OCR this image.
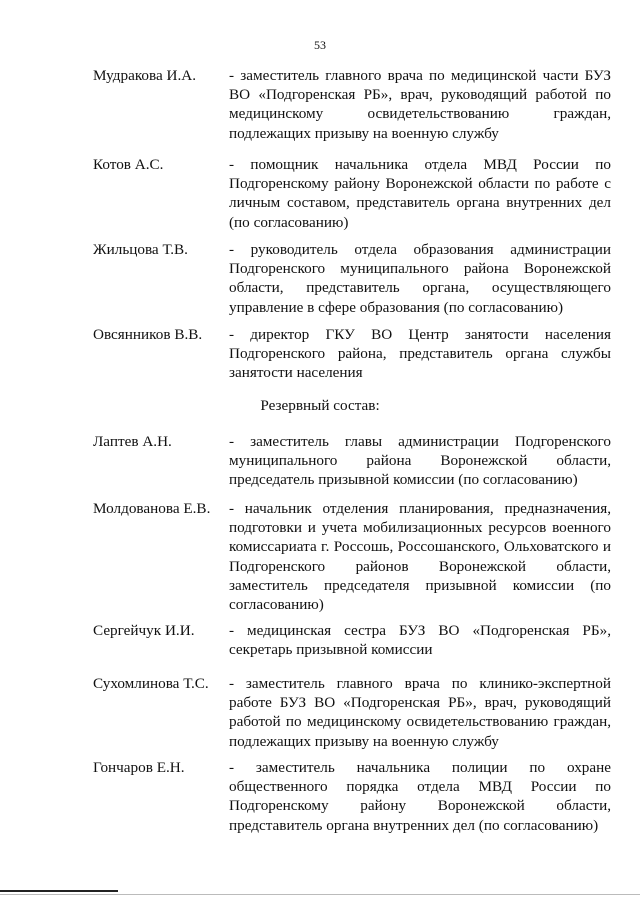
53
Мудракова И.А. - заместитель главного врача по медицинской части БУЗ ВО «Подгоренская РБ», врач, руководящий работой по медицинскому освидетельствованию граждан, подлежащих призыву на военную службу
Котов А.С.	- помощник начальника отдела МВД России по Подгоренскому району Воронежской области по работе с личным составом, представитель органа внутренних дел (по согласованию)
Жильцова Т.В.	- руководитель отдела образования администрации Подгоренского муниципального района Воронежской области, представитель органа, осуществляющего управление в сфере образования (по согласованию)
Овсянников В.В. - директор ГКУ ВО Центр занятости населения Подгоренского района, представитель органа службы занятости населения
Резервный состав:
Лаптев А.Н.	- заместитель главы администрации Подгоренского муниципального района Воронежской области, председатель призывной комиссии (по согласованию)
Молдованова Е.В. - начальник отделения планирования, предназначения, подготовки и учета мобилизационных ресурсов военного комиссариата г. Россошь, Россошанского, Ольховатского и Подгоренского районов Воронежской области, заместитель председателя призывной комиссии (по согласованию)
Сергейчук И.И. - медицинская сестра БУЗ ВО «Подгоренская РБ», секретарь призывной комиссии
Сухомлинова Т.С. - заместитель главного врача по клинико-экспертной работе БУЗ ВО «Подгоренская РБ», врач, руководящий работой по медицинскому освидетельствованию граждан, подлежащих призыву на военную службу
Гончаров Е.Н.	- заместитель начальника полиции по охране общественного порядка отдела МВД России по Подгоренскому району Воронежской области, представитель органа внутренних дел (по согласованию)
